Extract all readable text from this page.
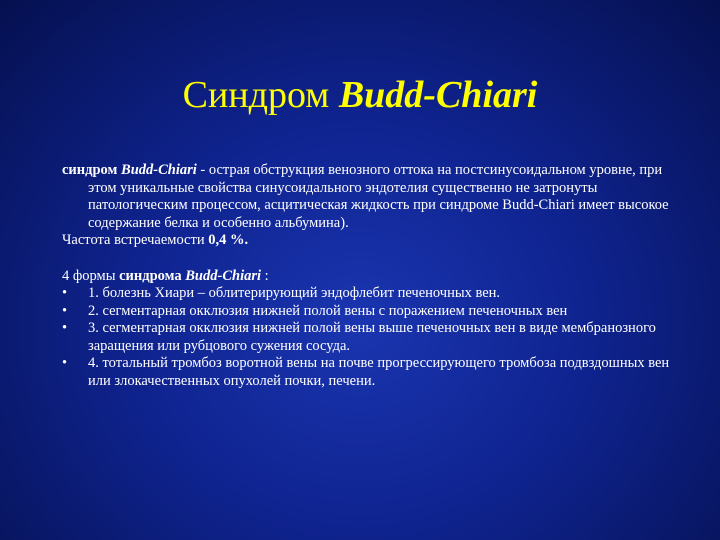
Синдром Budd-Chiari

синдром Budd-Chiari - острая обструкция венозного оттока на постсинусоидальном уровне, при этом уникальные свойства синусоидального эндотелия существенно не затронуты патологическим процессом, асцитическая жидкость при синдроме Budd-Chiari имеет высокое содержание белка и особенно альбумина).

Частота встречаемости 0,4 %.

4 формы синдрома Budd-Chiari :

• 1. болезнь Хиари – облитерирующий эндофлебит печеночных вен.
• 2. сегментарная окклюзия нижней полой вены с поражением печеночных вен
• 3. сегментарная окклюзия нижней полой вены выше печеночных вен в виде мембранозного заращения или рубцового сужения сосуда.
• 4. тотальный тромбоз воротной вены на почве прогрессирующего тромбоза подвздошных вен или злокачественных опухолей почки, печени.
